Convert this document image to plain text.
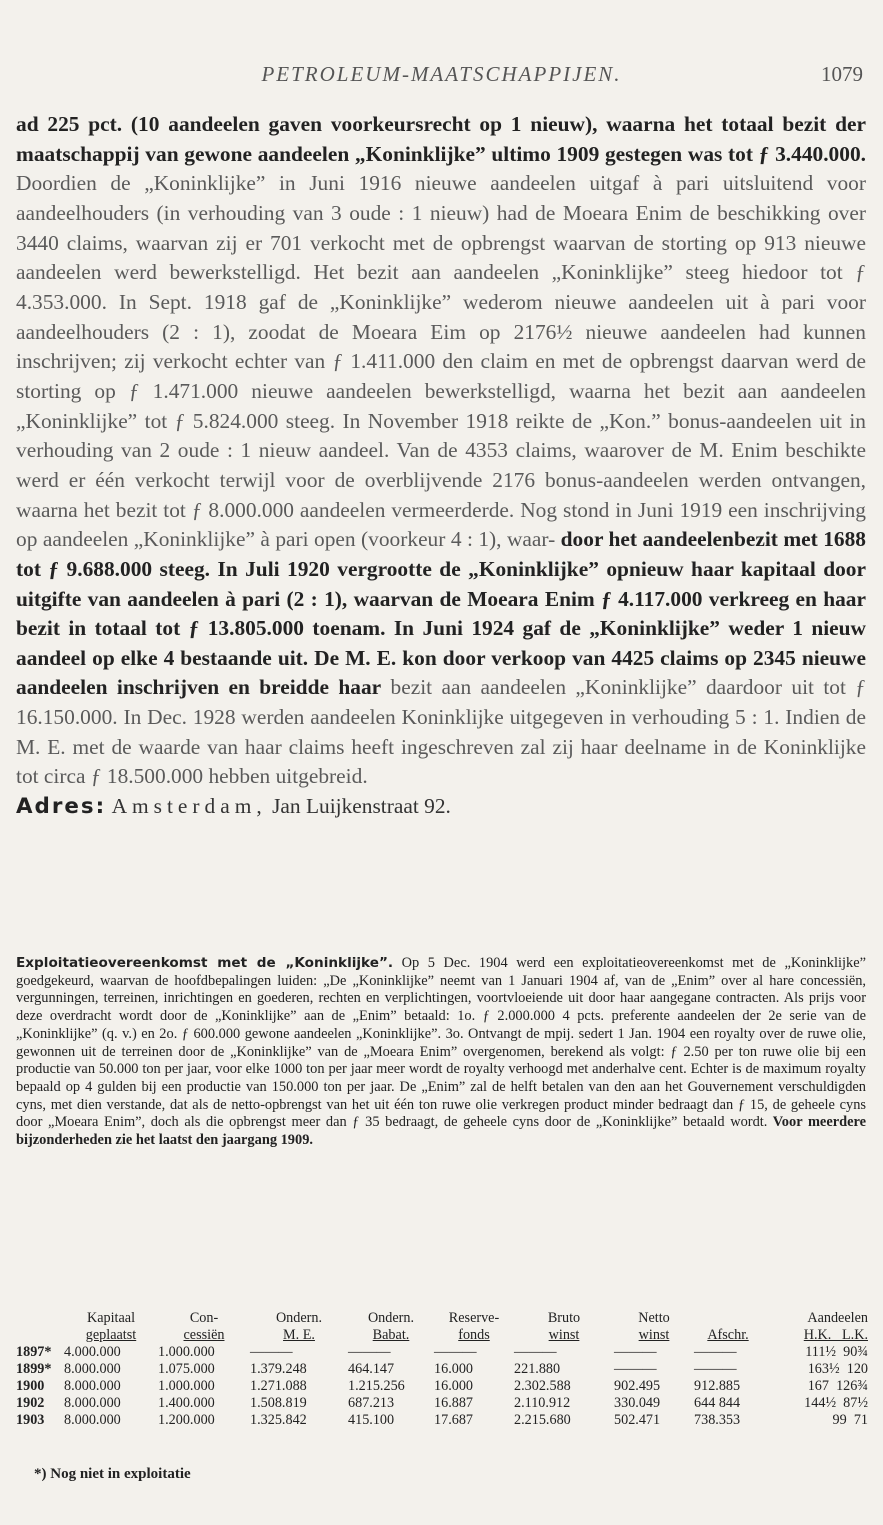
PETROLEUM-MAATSCHAPPIJEN.	1079
ad 225 pct. (10 aandeelen gaven voorkeursrecht op 1 nieuw), waarna het totaal bezit der maatschappij van gewone aandeelen „Koninklijke” ultimo 1909 gestegen was tot ƒ 3.440.000. Doordien de „Koninklijke” in Juni 1916 nieuwe aandeelen uitgaf à pari uitsluitend voor aandeelhouders (in verhouding van 3 oude : 1 nieuw) had de Moeara Enim de beschikking over 3440 claims, waarvan zij er 701 verkocht met de opbrengst waarvan de storting op 913 nieuwe aandeelen werd bewerkstelligd. Het bezit aan aandeelen „Koninklijke” steeg hiedoor tot ƒ 4.353.000. In Sept. 1918 gaf de „Koninklijke” wederom nieuwe aandeelen uit à pari voor aandeelhouders (2 : 1), zoodat de Moeara Eim op 2176½ nieuwe aandeelen had kunnen inschrijven; zij verkocht echter van ƒ 1.411.000 den claim en met de opbrengst daarvan werd de storting op ƒ 1.471.000 nieuwe aandeelen bewerkstelligd, waarna het bezit aan aandeelen „Koninklijke” tot ƒ 5.824.000 steeg. In November 1918 reikte de „Kon.” bonus-aandeelen uit in verhouding van 2 oude : 1 nieuw aandeel. Van de 4353 claims, waarover de M. Enim beschikte werd er één verkocht terwijl voor de overblijvende 2176 bonus-aandeelen werden ontvangen, waarna het bezit tot ƒ 8.000.000 aandeelen vermeerderde. Nog stond in Juni 1919 een inschrijving op aandeelen „Koninklijke” à pari open (voorkeur 4 : 1), waar- door het aandeelenbezit met 1688 tot ƒ 9.688.000 steeg. In Juli 1920 vergrootte de „Koninklijke” opnieuw haar kapitaal door uitgifte van aandeelen à pari (2 : 1), waarvan de Moeara Enim ƒ 4.117.000 verkreeg en haar bezit in totaal tot ƒ 13.805.000 toenam. In Juni 1924 gaf de „Koninklijke” weder 1 nieuw aandeel op elke 4 bestaande uit. De M. E. kon door verkoop van 4425 claims op 2345 nieuwe aandeelen inschrijven en breidde haar bezit aan aandeelen „Koninklijke” daardoor uit tot ƒ 16.150.000. In Dec. 1928 werden aandeelen Koninklijke uitgegeven in verhouding 5 : 1. Indien de M. E. met de waarde van haar claims heeft ingeschreven zal zij haar deelname in de Koninklijke tot circa ƒ 18.500.000 hebben uitgebreid.
Adres: Amsterdam, Jan Luijkenstraat 92.
Exploitatieovereenkomst met de „Koninklijke”. Op 5 Dec. 1904 werd een exploitatieovereenkomst met de „Koninklijke” goedgekeurd, waarvan de hoofdbepalingen luiden: „De „Koninklijke” neemt van 1 Januari 1904 af, van de „Enim” over al hare concessiën, vergunningen, terreinen, inrichtingen en goederen, rechten en verplichtingen, voortvloeiende uit door haar aangegane contracten. Als prijs voor deze overdracht wordt door de „Koninklijke” aan de „Enim” betaald: 1o. ƒ 2.000.000 4 pcts. preferente aandeelen der 2e serie van de „Koninklijke” (q. v.) en 2o. ƒ 600.000 gewone aandeelen „Koninklijke”. 3o. Ontvangt de mpij. sedert 1 Jan. 1904 een royalty over de ruwe olie, gewonnen uit de terreinen door de „Koninklijke” van de „Moeara Enim” overgenomen, berekend als volgt: ƒ 2.50 per ton ruwe olie bij een productie van 50.000 ton per jaar, voor elke 1000 ton per jaar meer wordt de royalty verhoogd met anderhalve cent. Echter is de maximum royalty bepaald op 4 gulden bij een productie van 150.000 ton per jaar. De „Enim” zal de helft betalen van den aan het Gouvernement verschuldigden cyns, met dien verstande, dat als de netto-opbrengst van het uit één ton ruwe olie verkregen product minder bedraagt dan ƒ 15, de geheele cyns door „Moeara Enim”, doch als die opbrengst meer dan ƒ 35 bedraagt, de geheele cyns door de „Koninklijke” betaald wordt. Voor meerdere bijzonderheden zie het laatst den jaargang 1909.
	Kapitaal	Con-	Ondern.	Ondern.	Reserve-	Bruto	Netto		Aandeelen
	geplaatst	cessiën	M. E.	Babat.	fonds	winst	winst	Afschr.	H.K.   L.K.
1897*	4.000.000	1.000.000	———	———	———	———	———	———	111½ 90¾
1899*	8.000.000	1.075.000	1.379.248	464.147	16.000	221.880	———	———	163½ 120
1900	8.000.000	1.000.000	1.271.088	1.215.256	16.000	2.302.588	902.495	912.885	167 126¾
1902	8.000.000	1.400.000	1.508.819	687.213	16.887	2.110.912	330.049	644 844	144½ 87½
1903	8.000.000	1.200.000	1.325.842	415.100	17.687	2.215.680	502.471	738.353	99 71
*) Nog niet in exploitatie
